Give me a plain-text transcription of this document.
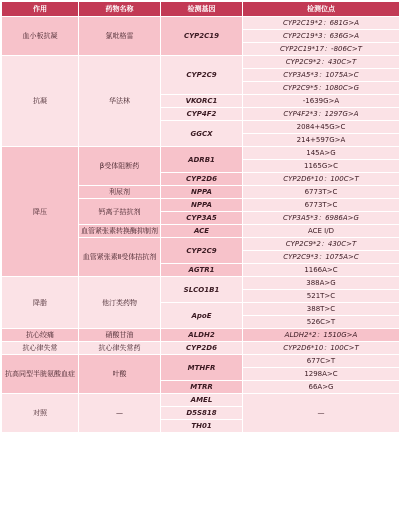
作用	药物名称	检测基因	检测位点
血小板抗凝	氯吡格雷	CYP2C19	CYP2C19*2：681G>A
			CYP2C19*3：636G>A
			CYP2C19*17：-806C>T
抗凝	华法林	CYP2C9	CYP2C9*2：430C>T
			CYP3A5*3：1075A>C
			CYP2C9*5：1080C>G
		VKORC1	-1639G>A
		CYP4F2	CYP4F2*3：1297G>A
		GGCX	2084+45G>C
			214+597G>A
降压	β受体阻断药	ADRB1	145A>G
			1165G>C
		CYP2D6	CYP2D6*10：100C>T
	利尿剂	NPPA	6773T>C
	钙离子拮抗剂	NPPA	6773T>C
		CYP3A5	CYP3A5*3：6986A>G
	血管紧张素转换酶抑制剂	ACE	ACE I/D

	血管紧张素Ⅱ受体拮抗剂	CYP2C9	CYP2C9*2：430C>T
			CYP2C9*3：1075A>C

		AGTR1	1166A>C
降脂	他汀类药物	SLCO1B1	388A>G
			521T>C
		ApoE	388T>C
			526C>T
抗心绞痛	硝酸甘油	ALDH2	ALDH2*2：1510G>A
抗心律失常	抗心律失常药	CYP2D6	CYP2D6*10：100C>T
抗高同型半胱氨酸血症	叶酸	MTHFR	677C>T
			1298A>C
		MTRR	66A>G
对照	—	AMEL	—
		D5S818	
		TH01	
